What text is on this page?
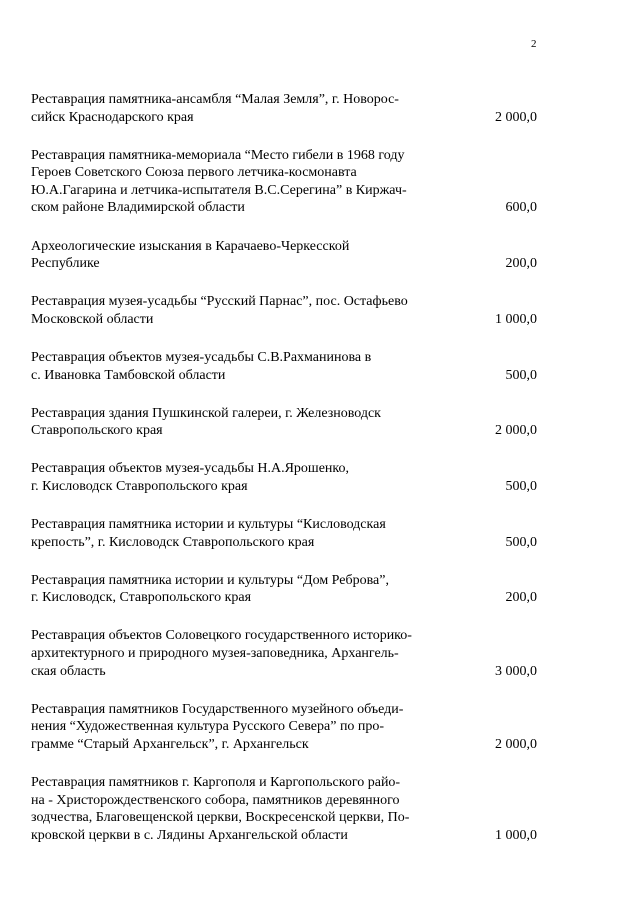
2
Реставрация памятника-ансамбля “Малая Земля”, г. Новорос-
сийск Краснодарского края	2 000,0
Реставрация памятника-мемориала “Место гибели в 1968 году
Героев Советского Союза первого летчика-космонавта
Ю.А.Гагарина и летчика-испытателя В.С.Серегина” в Киржач-
ском районе Владимирской области	600,0
Археологические изыскания в Карачаево-Черкесской
Республике	200,0
Реставрация музея-усадьбы “Русский Парнас”, пос. Остафьево
Московской области	1 000,0
Реставрация объектов музея-усадьбы С.В.Рахманинова в
с. Ивановка Тамбовской области	500,0
Реставрация здания Пушкинской галереи, г. Железноводск
Ставропольского края	2 000,0
Реставрация объектов музея-усадьбы Н.А.Ярошенко,
г. Кисловодск Ставропольского края	500,0
Реставрация памятника истории и культуры “Кисловодская
крепость”, г. Кисловодск Ставропольского края	500,0
Реставрация памятника истории и культуры “Дом Реброва”,
г. Кисловодск, Ставропольского края	200,0
Реставрация объектов Соловецкого государственного историко-
архитектурного и природного музея-заповедника, Архангель-
ская область	3 000,0
Реставрация памятников Государственного музейного объеди-
нения “Художественная культура Русского Севера” по про-
грамме “Старый Архангельск”, г. Архангельск	2 000,0
Реставрация памятников г. Каргополя и Каргопольского райо-
на - Христорождественского собора, памятников деревянного
зодчества, Благовещенской церкви, Воскресенской церкви, По-
кровской церкви в с. Лядины Архангельской области	1 000,0
